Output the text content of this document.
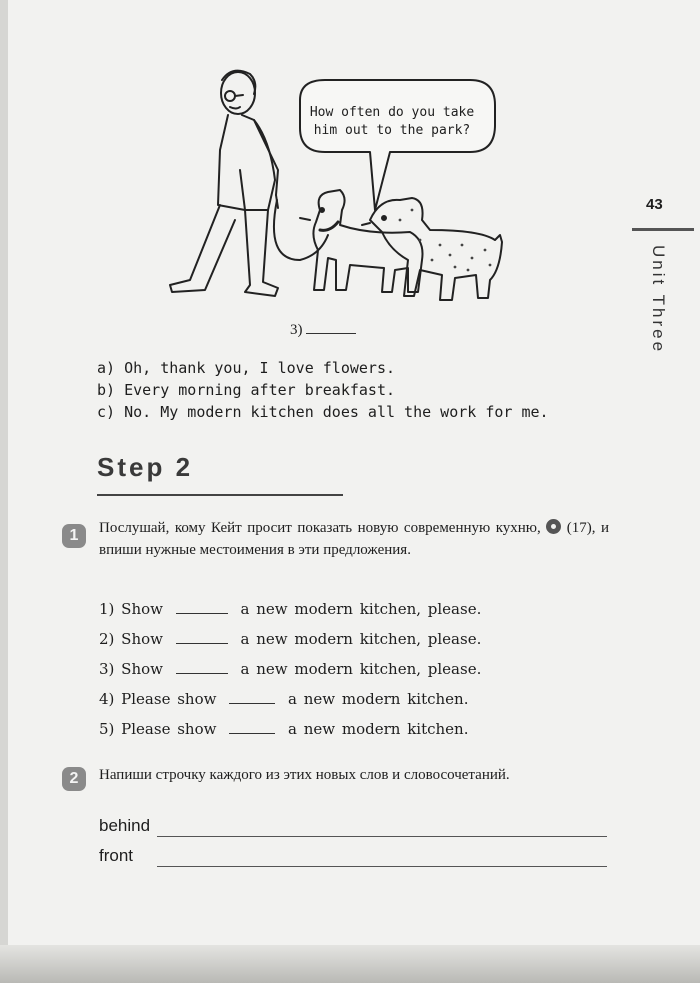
How often do you take
him out to the park?
3)
a) Oh, thank you, I love flowers.
b) Every morning after breakfast.
c) No. My modern kitchen does all the work for me.
43
Unit Three
Step 2
1	Послушай, кому Кейт просит показать новую современную кухню, (17), и впиши нужные местоимения в эти предложения.
1) Show	a new modern kitchen, please.
2) Show	a new modern kitchen, please.
3) Show	a new modern kitchen, please.
4) Please show	a new modern kitchen.
5) Please show	a new modern kitchen.
2	Напиши строчку каждого из этих новых слов и словосочетаний.
behind
front
